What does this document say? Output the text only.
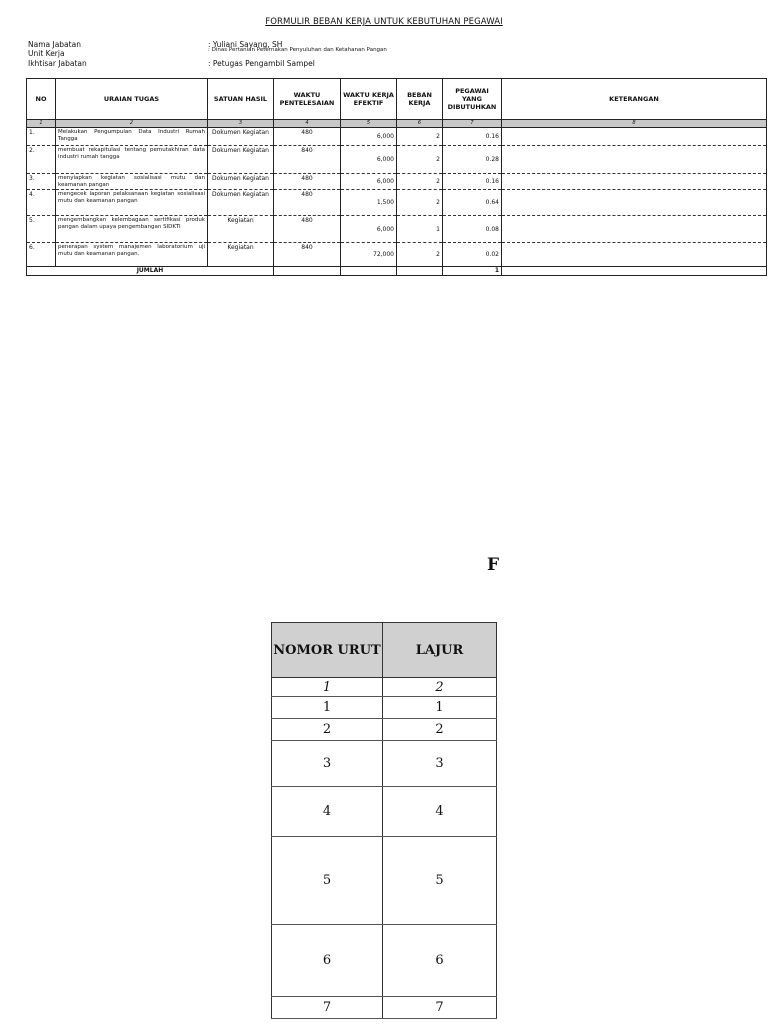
FORMULIR BEBAN KERJA UNTUK KEBUTUHAN PEGAWAI
Nama Jabatan	: Yuliani Sayang, SH
Unit Kerja	: Dinas Pertanian Peternakan Penyuluhan dan Ketahanan Pangan
Ikhtisar Jabatan	: Petugas Pengambil Sampel
NO	URAIAN TUGAS	SATUAN HASIL	WAKTU PENTELESAIAN	WAKTU KERJA EFEKTIF	BEBAN KERJA	PEGAWAI YANG DIBUTUHKAN	KETERANGAN
1	2	3	4	5	6	7	8
1.	Melakukan Pengumpulan Data Industri Rumah Tangga	Dokumen Kegiatan	480	6,000	2	0.16	
2.	membuat rekapitulasi tentang pemutakhiran data industri rumah tangga	Dokumen Kegiatan	840	6,000	2	0.28	
3.	menyiapkan kegiatan sosialisasi mutu dan keamanan pangan	Dokumen Kegiatan	480	6,000	2	0.16	
4.	mengecek laporan pelaksanaan kegiatan sosialisasi mutu dan keamanan pangan	Dokumen Kegiatan	480	1,500	2	0.64	
5.	mengembangkan kelembagaan sertifikasi produk pangan dalam upaya pengembangan SIDKTI	Kegiatan	480	6,000	1	0.08	
6.	penerapan system manajemen laboratorium uji mutu dan keamanan pangan.	Kegiatan	840	72,000	2	0.02	
JUMLAH						1	
F
NOMOR URUT	LAJUR
1	2
1	1
2	2
3	3
4	4
5	5
6	6
7	7
